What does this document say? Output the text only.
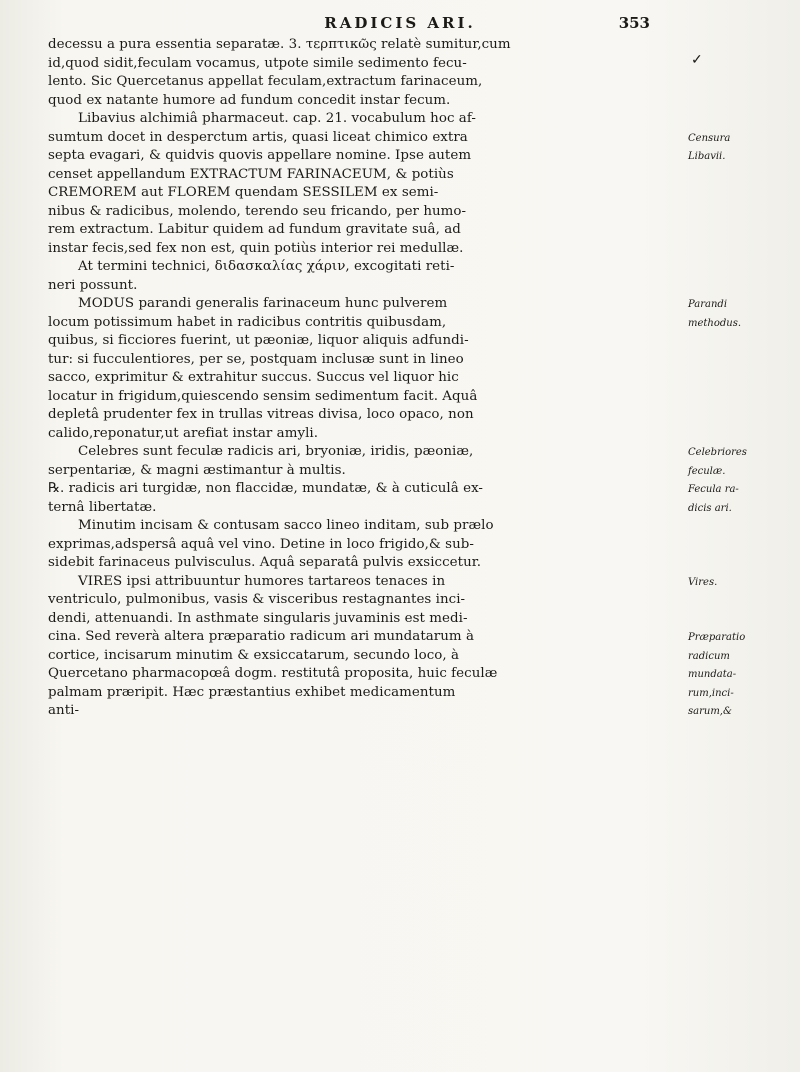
RADICIS ARI.	353
✓
decessu a pura essentia separatæ. 3. τερπτικῶς relatè sumitur,cum
id,quod sidit,feculam vocamus, utpote simile sedimento fecu-
lento. Sic Quercetanus appellat feculam,extractum farinaceum,
quod ex natante humore ad fundum concedit instar fecum.
Libavius alchimiâ pharmaceut. cap. 21. vocabulum hoc af-
sumtum docet in desperctum artis, quasi liceat chimico extra
septa evagari, & quidvis quovis appellare nomine. Ipse autem
censet appellandum EXTRACTUM FARINACEUM, & potiùs
CREMOREM aut FLOREM quendam SESSILEM ex semi-
nibus & radicibus, molendo, terendo seu fricando, per humo-
rem extractum. Labitur quidem ad fundum gravitate suâ, ad
instar fecis,sed fex non est, quin potiùs interior rei medullæ.
At termini technici, διδασκαλίας χάριν, excogitati reti-
neri possunt.
MODUS parandi generalis farinaceum hunc pulverem
locum potissimum habet in radicibus contritis quibusdam,
quibus, si ficciores fuerint, ut pæoniæ, liquor aliquis adfundi-
tur: si fucculentiores, per se, postquam inclusæ sunt in lineo
sacco, exprimitur & extrahitur succus. Succus vel liquor hic
locatur in frigidum,quiescendo sensim sedimentum facit. Aquâ
depletâ prudenter fex in trullas vitreas divisa, loco opaco, non
calido,reponatur,ut arefiat instar amyli.
Celebres sunt feculæ radicis ari, bryoniæ, iridis, pæoniæ,
serpentariæ, & magni æstimantur à multis.
℞. radicis ari turgidæ, non flaccidæ, mundatæ, & à cuticulâ ex-
ternâ libertatæ.
Minutim incisam & contusam sacco lineo inditam, sub prælo
exprimas,adspersâ aquâ vel vino. Detine in loco frigido,& sub-
sidebit farinaceus pulvisculus. Aquâ separatâ pulvis exsiccetur.
VIRES ipsi attribuuntur humores tartareos tenaces in
ventriculo, pulmonibus, vasis & visceribus restagnantes inci-
dendi, attenuandi. In asthmate singularis juvaminis est medi-
cina. Sed reverà altera præparatio radicum ari mundatarum à
cortice, incisarum minutim & exsiccatarum, secundo loco, à
Quercetano pharmacopœâ dogm. restitutâ proposita, huic feculæ
palmam præripit. Hæc præstantius exhibet medicamentum
anti-
Censura
Libavii.
Parandi
methodus.
Celebriores
feculæ.
Fecula ra-
dicis ari.
Vires.
Præparatio
radicum
mundata-
rum,inci-
sarum,&
